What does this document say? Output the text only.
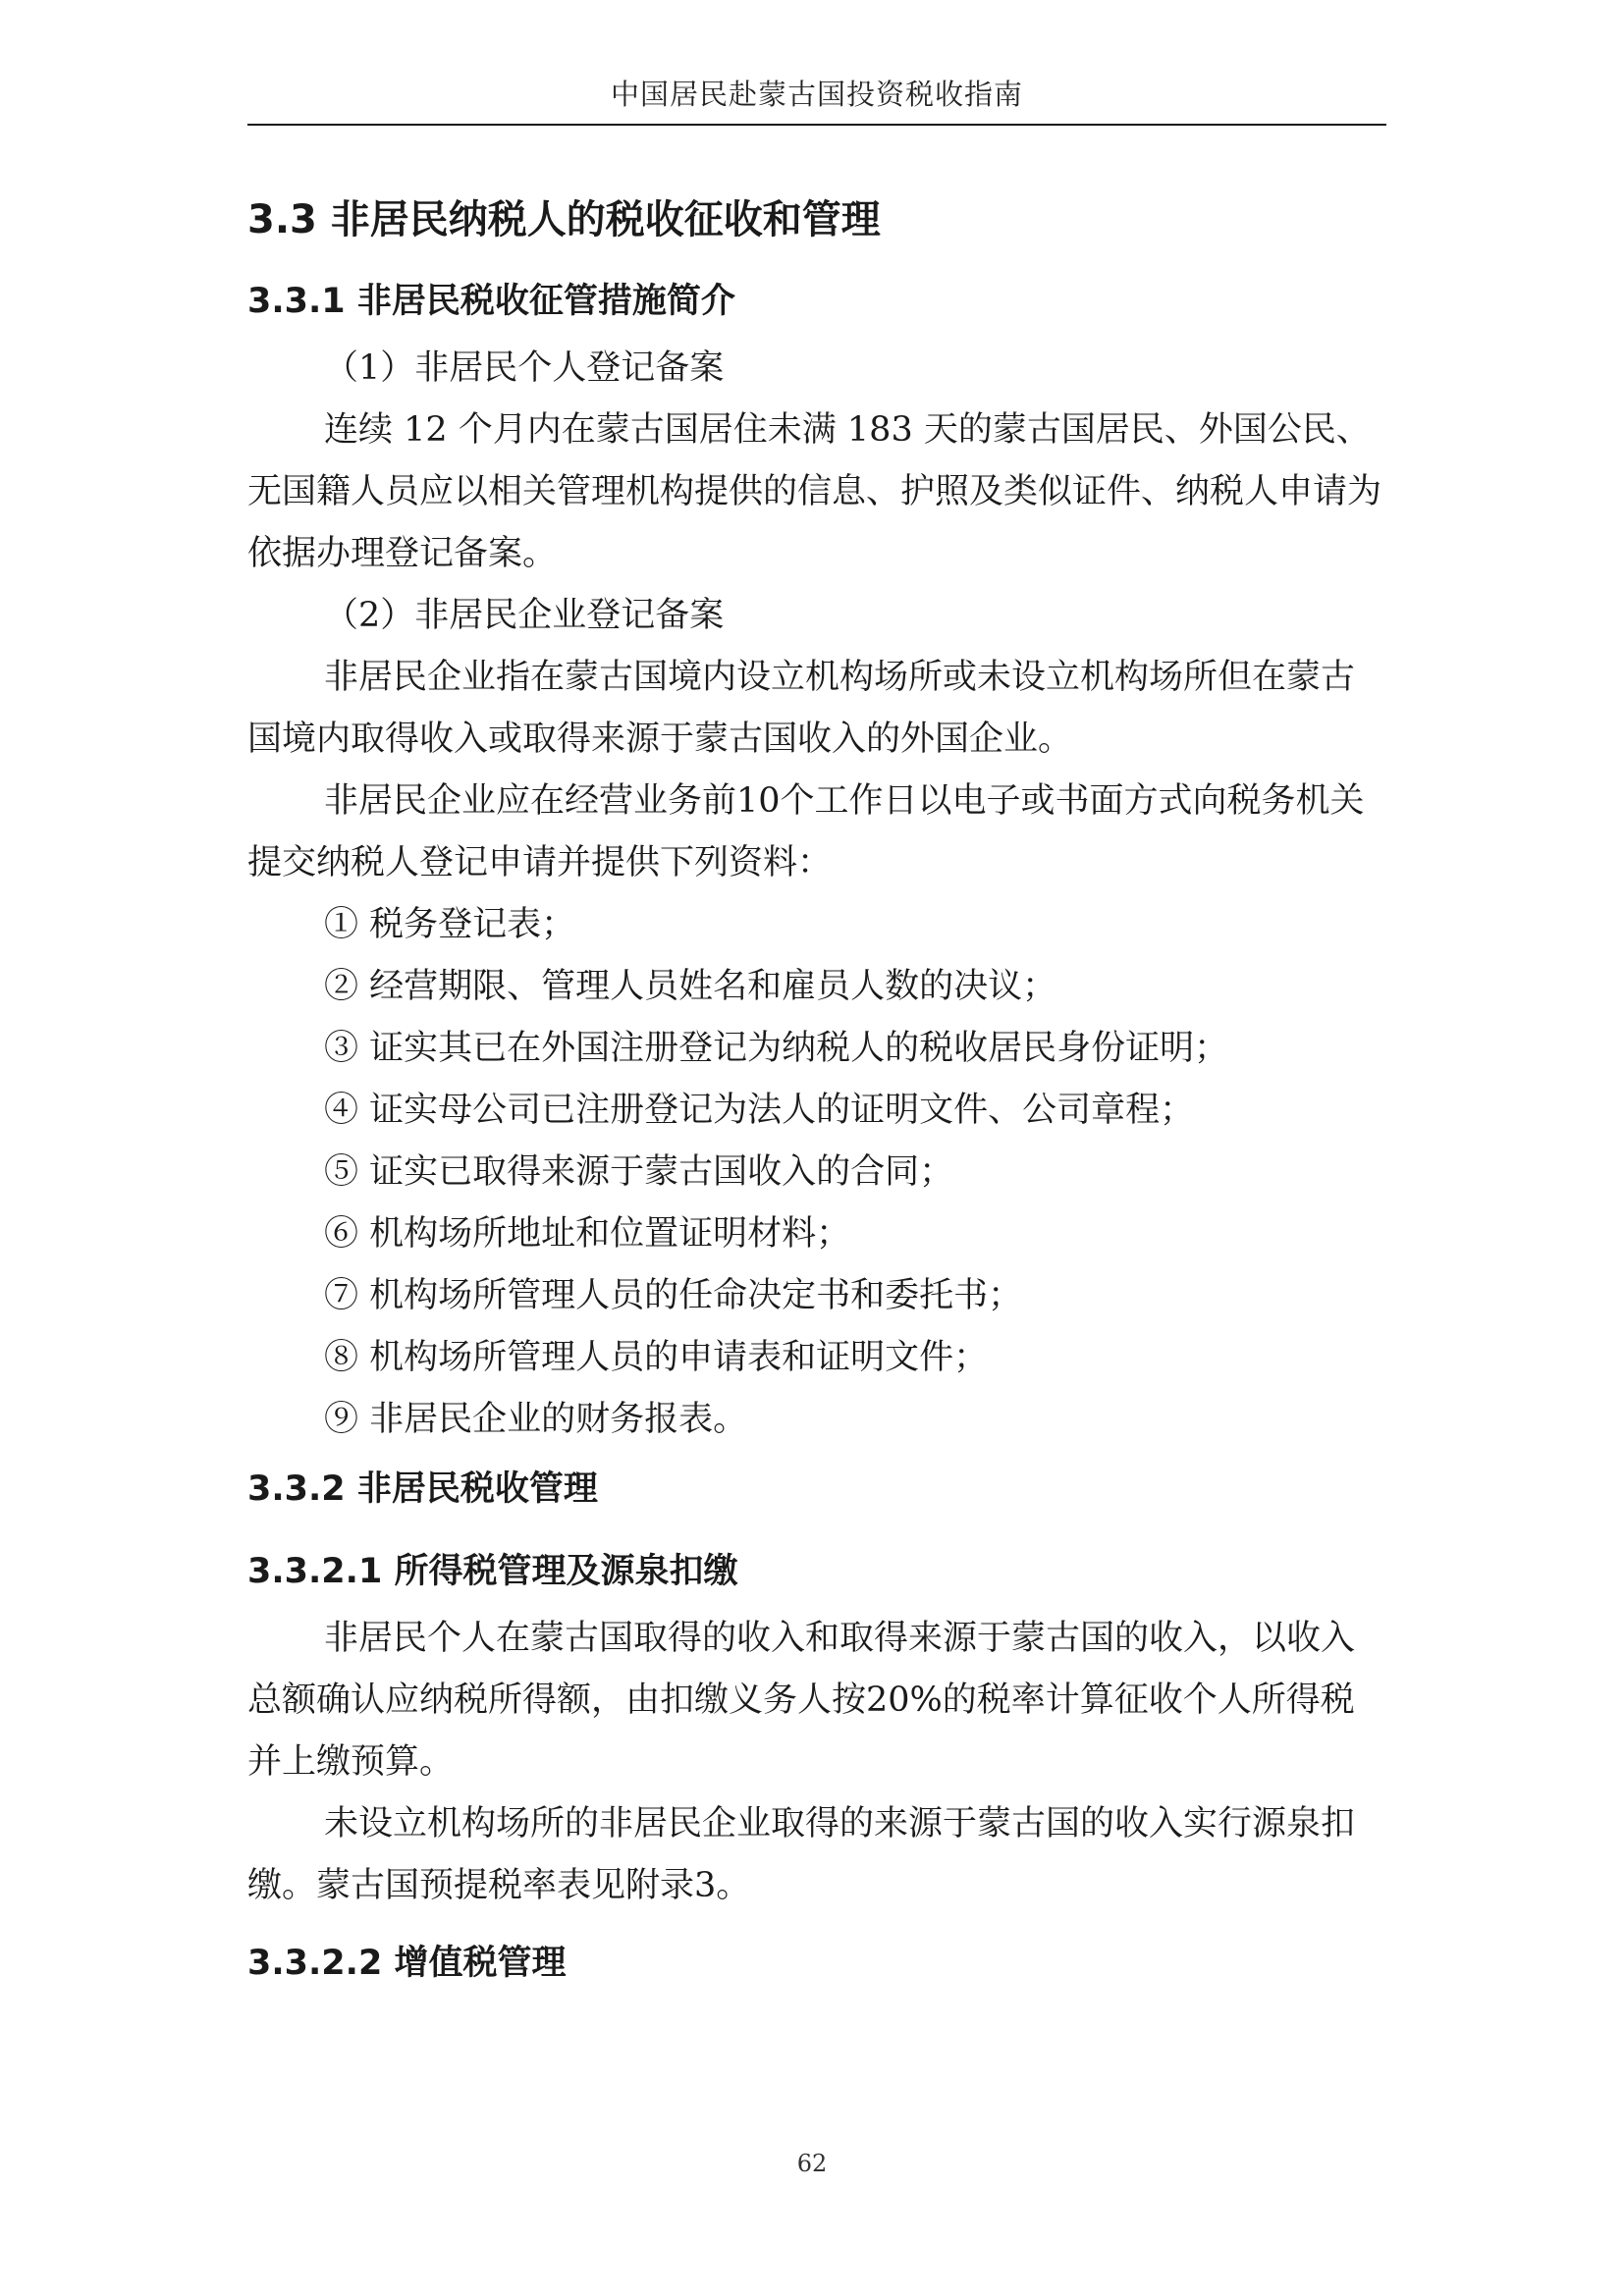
中国居民赴蒙古国投资税收指南
3.3 非居民纳税人的税收征收和管理
3.3.1 非居民税收征管措施简介

（1）非居民个人登记备案

连续 12 个月内在蒙古国居住未满 183 天的蒙古国居民、外国公民、无国籍人员应以相关管理机构提供的信息、护照及类似证件、纳税人申请为依据办理登记备案。

（2）非居民企业登记备案

非居民企业指在蒙古国境内设立机构场所或未设立机构场所但在蒙古国境内取得收入或取得来源于蒙古国收入的外国企业。

非居民企业应在经营业务前10个工作日以电子或书面方式向税务机关提交纳税人登记申请并提供下列资料：

① 税务登记表；
② 经营期限、管理人员姓名和雇员人数的决议；
③ 证实其已在外国注册登记为纳税人的税收居民身份证明；
④ 证实母公司已注册登记为法人的证明文件、公司章程；
⑤ 证实已取得来源于蒙古国收入的合同；
⑥ 机构场所地址和位置证明材料；
⑦ 机构场所管理人员的任命决定书和委托书；
⑧ 机构场所管理人员的申请表和证明文件；
⑨ 非居民企业的财务报表。
3.3.2 非居民税收管理
3.3.2.1 所得税管理及源泉扣缴

非居民个人在蒙古国取得的收入和取得来源于蒙古国的收入，以收入总额确认应纳税所得额，由扣缴义务人按20%的税率计算征收个人所得税并上缴预算。

未设立机构场所的非居民企业取得的来源于蒙古国的收入实行源泉扣缴。蒙古国预提税率表见附录3。

3.3.2.2 增值税管理
62
